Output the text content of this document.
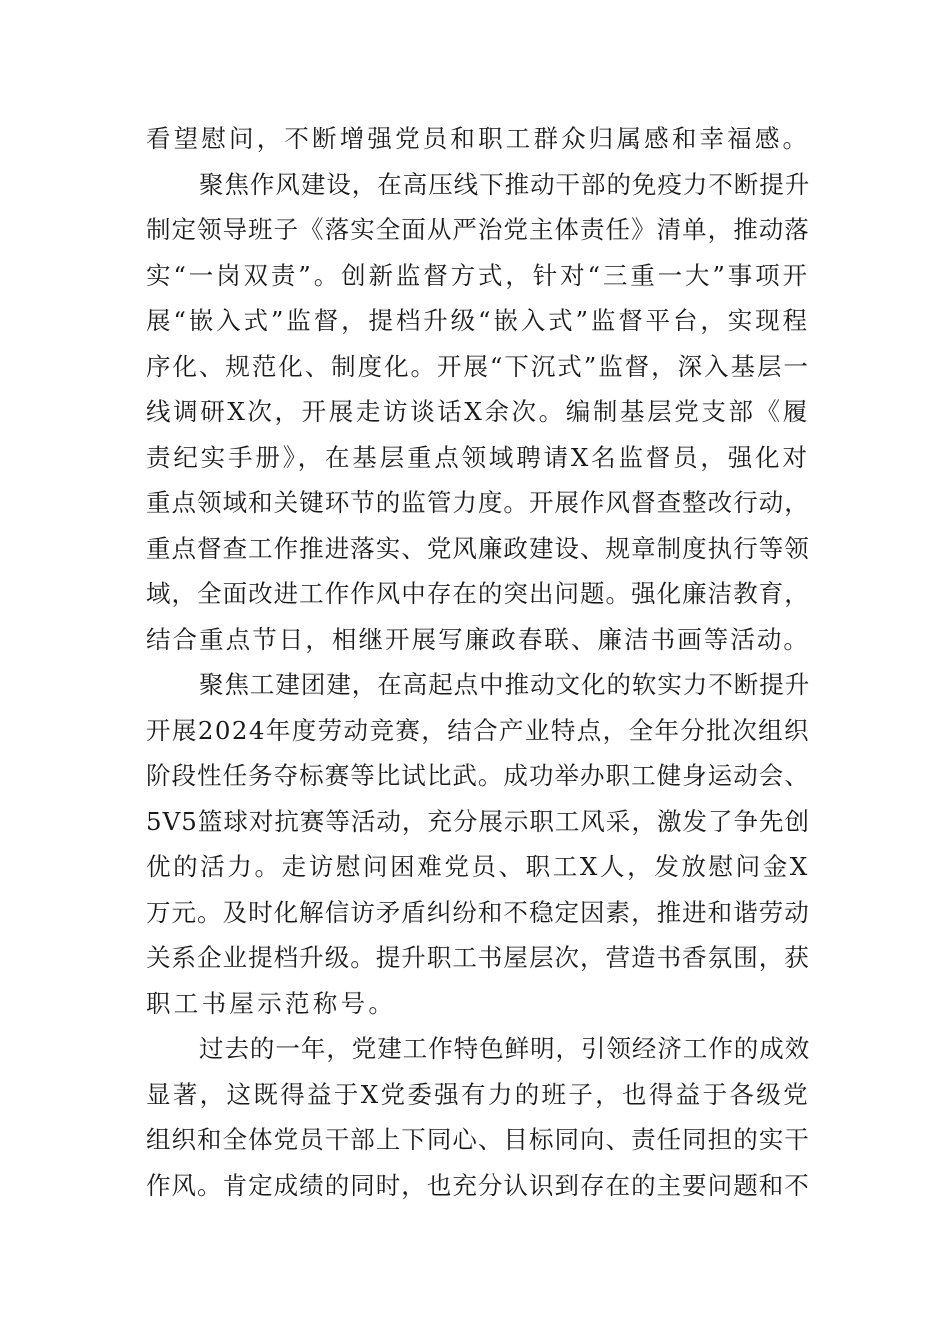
看望慰问，不断增强党员和职工群众归属感和幸福感。
聚焦作风建设，在高压线下推动干部的免疫力不断提升
制定领导班子《落实全面从严治党主体责任》清单，推动落
实“一岗双责”。创新监督方式，针对“三重一大”事项开
展“嵌入式”监督，提档升级“嵌入式”监督平台，实现程
序化、规范化、制度化。开展“下沉式”监督，深入基层一
线调研X次，开展走访谈话X余次。编制基层党支部《履
责纪实手册》，在基层重点领域聘请X名监督员，强化对
重点领域和关键环节的监管力度。开展作风督查整改行动，
重点督查工作推进落实、党风廉政建设、规章制度执行等领
域，全面改进工作作风中存在的突出问题。强化廉洁教育，
结合重点节日，相继开展写廉政春联、廉洁书画等活动。
聚焦工建团建，在高起点中推动文化的软实力不断提升
开展2024年度劳动竞赛，结合产业特点，全年分批次组织
阶段性任务夺标赛等比试比武。成功举办职工健身运动会、
5V5篮球对抗赛等活动，充分展示职工风采，激发了争先创
优的活力。走访慰问困难党员、职工X人，发放慰问金X
万元。及时化解信访矛盾纠纷和不稳定因素，推进和谐劳动
关系企业提档升级。提升职工书屋层次，营造书香氛围，获
职工书屋示范称号。
过去的一年，党建工作特色鲜明，引领经济工作的成效
显著，这既得益于X党委强有力的班子，也得益于各级党
组织和全体党员干部上下同心、目标同向、责任同担的实干
作风。肯定成绩的同时，也充分认识到存在的主要问题和不
